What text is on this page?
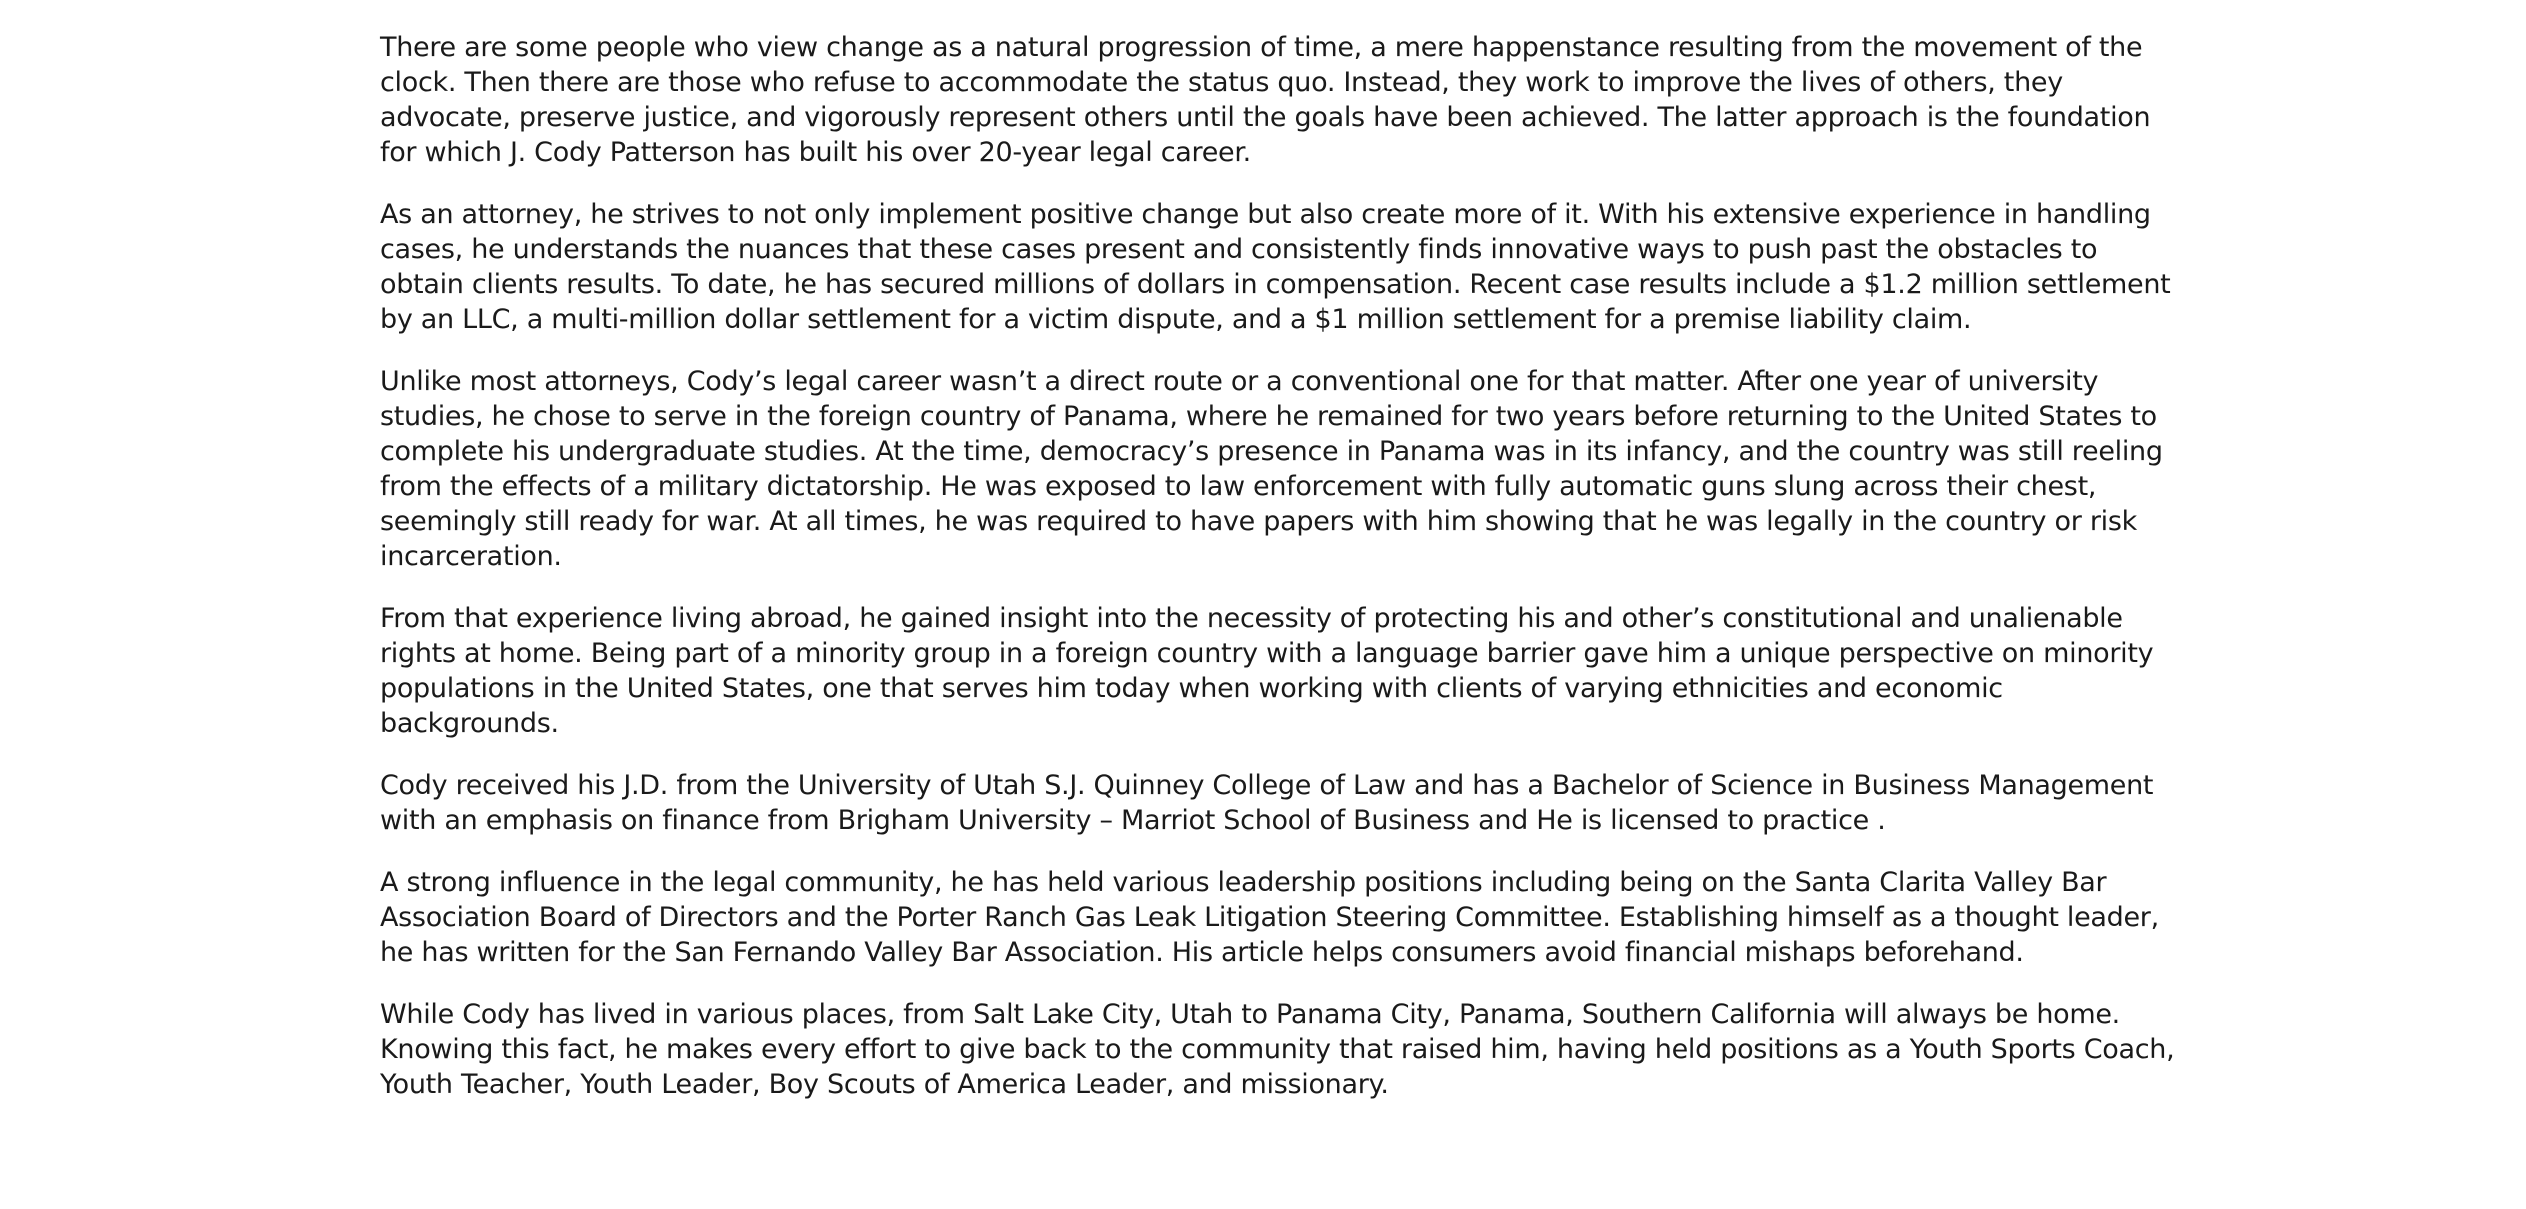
There are some people who view change as a natural progression of time, a mere happenstance resulting from the movement of the clock. Then there are those who refuse to accommodate the status quo. Instead, they work to improve the lives of others, they advocate, preserve justice, and vigorously represent others until the goals have been achieved. The latter approach is the foundation for which J. Cody Patterson has built his over 20-year legal career.

As an attorney, he strives to not only implement positive change but also create more of it. With his extensive experience in handling cases, he understands the nuances that these cases present and consistently finds innovative ways to push past the obstacles to obtain clients results. To date, he has secured millions of dollars in compensation. Recent case results include a $1.2 million settlement by an LLC, a multi-million dollar settlement for a victim dispute, and a $1 million settlement for a premise liability claim.

Unlike most attorneys, Cody’s legal career wasn’t a direct route or a conventional one for that matter. After one year of university studies, he chose to serve in the foreign country of Panama, where he remained for two years before returning to the United States to complete his undergraduate studies. At the time, democracy’s presence in Panama was in its infancy, and the country was still reeling from the effects of a military dictatorship. He was exposed to law enforcement with fully automatic guns slung across their chest, seemingly still ready for war. At all times, he was required to have papers with him showing that he was legally in the country or risk incarceration.

From that experience living abroad, he gained insight into the necessity of protecting his and other’s constitutional and unalienable rights at home. Being part of a minority group in a foreign country with a language barrier gave him a unique perspective on minority populations in the United States, one that serves him today when working with clients of varying ethnicities and economic backgrounds.

Cody received his J.D. from the University of Utah S.J. Quinney College of Law and has a Bachelor of Science in Business Management with an emphasis on finance from Brigham University – Marriot School of Business and He is licensed to practice .

A strong influence in the legal community, he has held various leadership positions including being on the Santa Clarita Valley Bar Association Board of Directors and the Porter Ranch Gas Leak Litigation Steering Committee. Establishing himself as a thought leader, he has written for the San Fernando Valley Bar Association. His article helps consumers avoid financial mishaps beforehand.

While Cody has lived in various places, from Salt Lake City, Utah to Panama City, Panama, Southern California will always be home. Knowing this fact, he makes every effort to give back to the community that raised him, having held positions as a Youth Sports Coach, Youth Teacher, Youth Leader, Boy Scouts of America Leader, and missionary.
